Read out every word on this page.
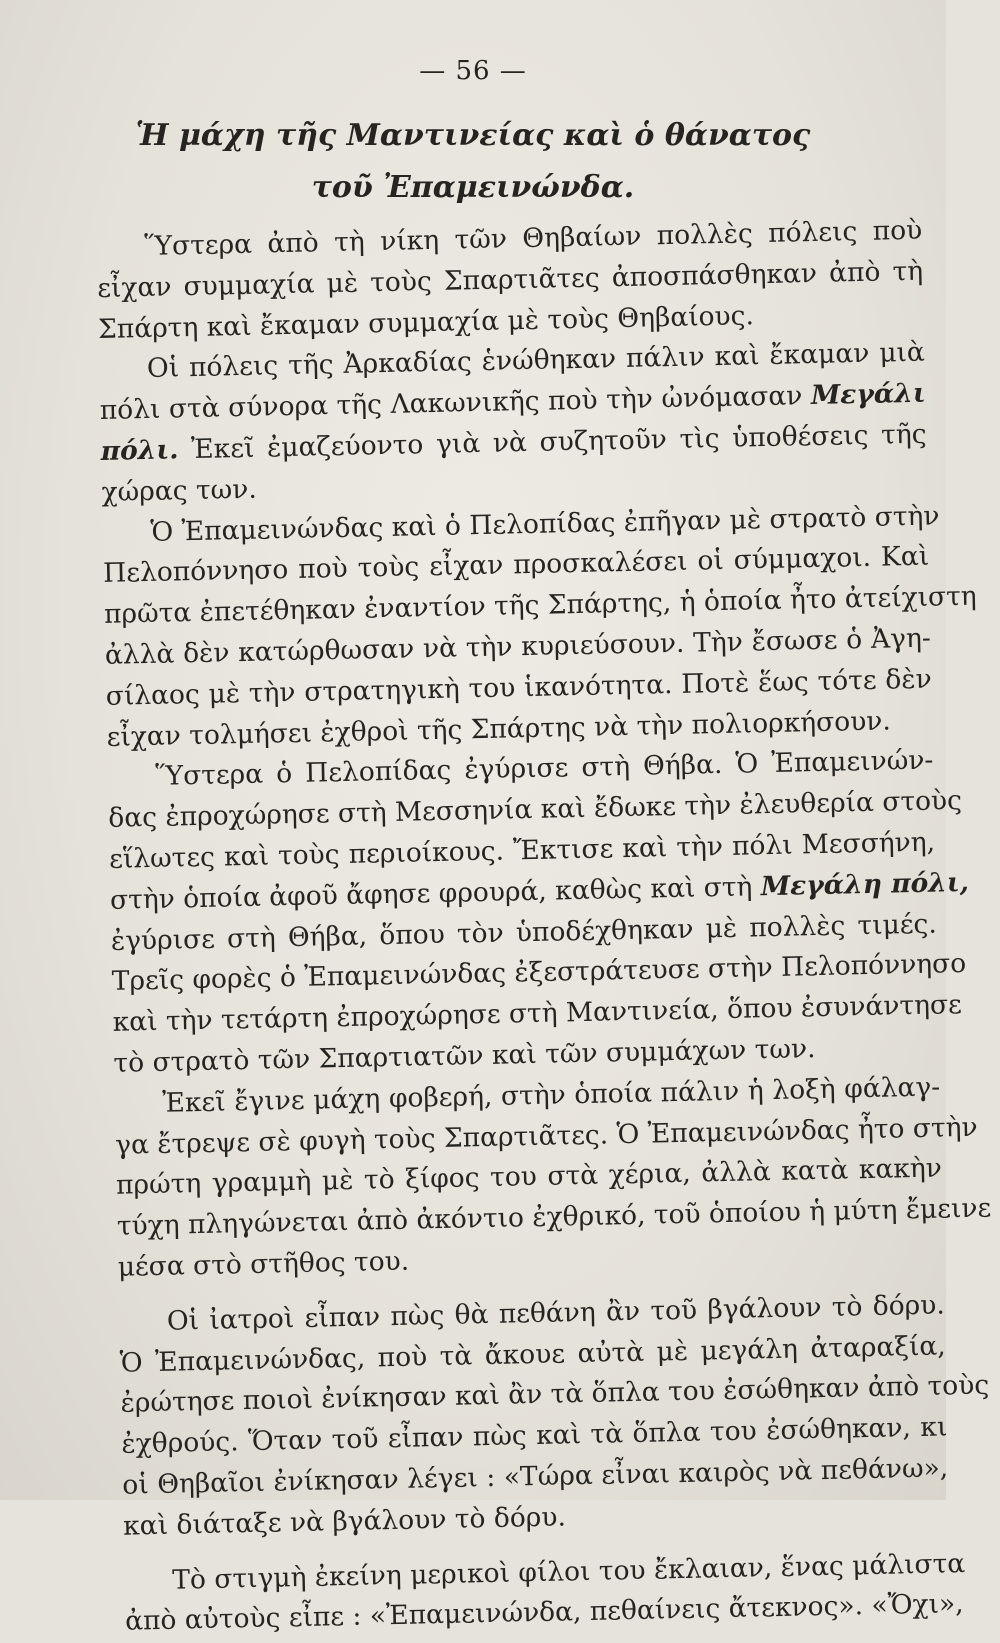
— 56 —
Ἡ μάχη τῆς Μαντινείας καὶ ὁ θάνατος
τοῦ Ἐπαμεινώνδα.
Ὕστερα ἀπὸ τὴ νίκη τῶν Θηβαίων πολλὲς πόλεις ποὺ
εἶχαν συμμαχία μὲ τοὺς Σπαρτιᾶτες ἀποσπάσθηκαν ἀπὸ τὴ
Σπάρτη καὶ ἔκαμαν συμμαχία μὲ τοὺς Θηβαίους.
Οἱ πόλεις τῆς Ἀρκαδίας ἑνώθηκαν πάλιν καὶ ἔκαμαν μιὰ
πόλι στὰ σύνορα τῆς Λακωνικῆς ποὺ τὴν ὠνόμασαν Μεγάλι
πόλι. Ἐκεῖ ἐμαζεύοντο γιὰ νὰ συζητοῦν τὶς ὑποθέσεις τῆς
χώρας των.
Ὁ Ἐπαμεινώνδας καὶ ὁ Πελοπίδας ἐπῆγαν μὲ στρατὸ στὴν
Πελοπόννησο ποὺ τοὺς εἶχαν προσκαλέσει οἱ σύμμαχοι. Καὶ
πρῶτα ἐπετέθηκαν ἐναντίον τῆς Σπάρτης, ἡ ὁποία ἦτο ἀτείχιστη
ἀλλὰ δὲν κατώρθωσαν νὰ τὴν κυριεύσουν. Τὴν ἔσωσε ὁ Ἀγη-
σίλαος μὲ τὴν στρατηγικὴ του ἱκανότητα. Ποτὲ ἕως τότε δὲν
εἶχαν τολμήσει ἐχθροὶ τῆς Σπάρτης νὰ τὴν πολιορκήσουν.
Ὕστερα ὁ Πελοπίδας ἐγύρισε στὴ Θήβα. Ὁ Ἐπαμεινών-
δας ἐπροχώρησε στὴ Μεσσηνία καὶ ἔδωκε τὴν ἐλευθερία στοὺς
εἵλωτες καὶ τοὺς περιοίκους. Ἔκτισε καὶ τὴν πόλι Μεσσήνη,
στὴν ὁποία ἀφοῦ ἄφησε φρουρά, καθὼς καὶ στὴ Μεγάλη πόλι,
ἐγύρισε στὴ Θήβα, ὅπου τὸν ὑποδέχθηκαν μὲ πολλὲς τιμές.
Τρεῖς φορὲς ὁ Ἐπαμεινώνδας ἐξεστράτευσε στὴν Πελοπόννησο
καὶ τὴν τετάρτη ἐπροχώρησε στὴ Μαντινεία, ὅπου ἐσυνάντησε
τὸ στρατὸ τῶν Σπαρτιατῶν καὶ τῶν συμμάχων των.
Ἐκεῖ ἔγινε μάχη φοβερή, στὴν ὁποία πάλιν ἡ λοξὴ φάλαγ-
γα ἔτρεψε σὲ φυγὴ τοὺς Σπαρτιᾶτες. Ὁ Ἐπαμεινώνδας ἦτο στὴν
πρώτη γραμμὴ μὲ τὸ ξίφος του στὰ χέρια, ἀλλὰ κατὰ κακὴν
τύχη πληγώνεται ἀπὸ ἀκόντιο ἐχθρικό, τοῦ ὁποίου ἡ μύτη ἔμεινε
μέσα στὸ στῆθος του.
Οἱ ἰατροὶ εἶπαν πὼς θὰ πεθάνη ἂν τοῦ βγάλουν τὸ δόρυ.
Ὁ Ἐπαμεινώνδας, ποὺ τὰ ἄκουε αὐτὰ μὲ μεγάλη ἀταραξία,
ἐρώτησε ποιοὶ ἐνίκησαν καὶ ἂν τὰ ὅπλα του ἐσώθηκαν ἀπὸ τοὺς
ἐχθρούς. Ὅταν τοῦ εἶπαν πὼς καὶ τὰ ὅπλα του ἐσώθηκαν, κι
οἱ Θηβαῖοι ἐνίκησαν λέγει : «Τώρα εἶναι καιρὸς νὰ πεθάνω»,
καὶ διάταξε νὰ βγάλουν τὸ δόρυ.
Τὸ στιγμὴ ἐκείνη μερικοὶ φίλοι του ἔκλαιαν, ἕνας μάλιστα
ἀπὸ αὐτοὺς εἶπε : «Ἐπαμεινώνδα, πεθαίνεις ἄτεκνος». «Ὄχι»,
